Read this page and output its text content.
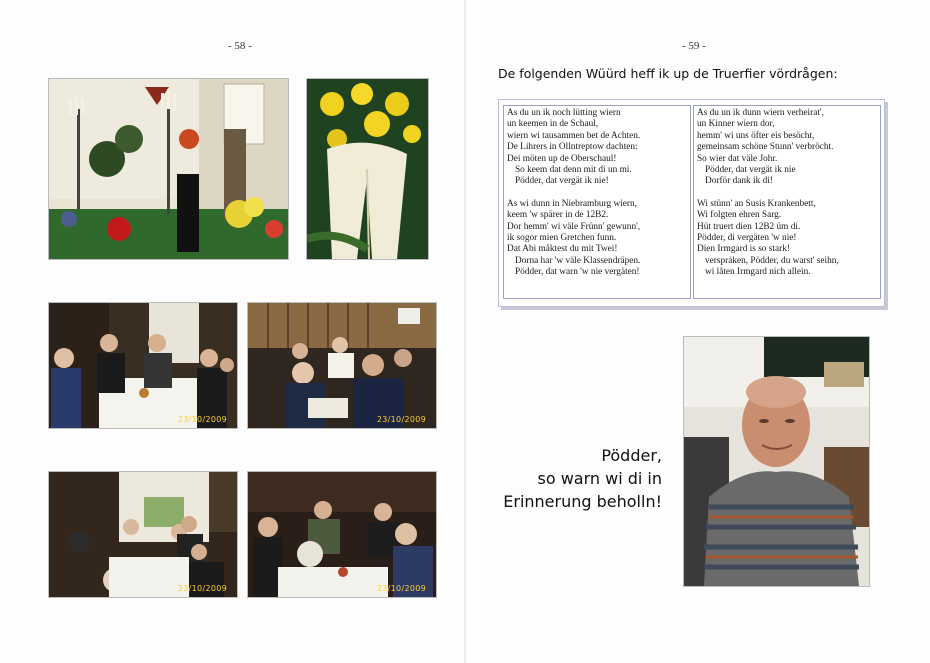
- 58 -
23/10/2009	23/10/2009
23/10/2009	23/10/2009
- 59 -
De folgenden Wüürd heff ik up de Truerfier vördrågen:
As du un ik noch lütting wiern
un keemen in de Schaul,
wiern wi tausammen bet de Achten.
De Lihrers in Ollntreptow dachten:
Dei möten up de Oberschaul!
So keem dat denn mit di un mi.
Pödder, dat vergät ik nie!
As wi dunn in Niebramburg wiern,
keem 'w spärer in de 12B2.
Dor hemm' wi väle Frünn' gewunn',
ik sogor mien Gretchen funn.
Dat Abi måktest du mit Twei!
Dorna har 'w väle Klassendräpen.
Pödder, dat warn 'w nie vergäten!
As du un ik dunn wiern verheirat',
un Kinner wiern dor,
hemm' wi uns öfter eis besöcht,
gemeinsam schöne Stunn' verbröcht.
So wier dat väle Johr.
Pödder, dat vergät ik nie
Dorför dank ik di!
Wi stünn' an Susis Krankenbett,
Wi folgten ehren Sarg.
Hüt truert dien 12B2 üm di.
Pödder, di vergäten 'w nie!
Dien Irmgard is so stark!
versprȧken, Pödder, du warst' seihn,
wi låten Irmgard nich allein.
Pödder,
so warn wi di in
Erinnerung beholln!
